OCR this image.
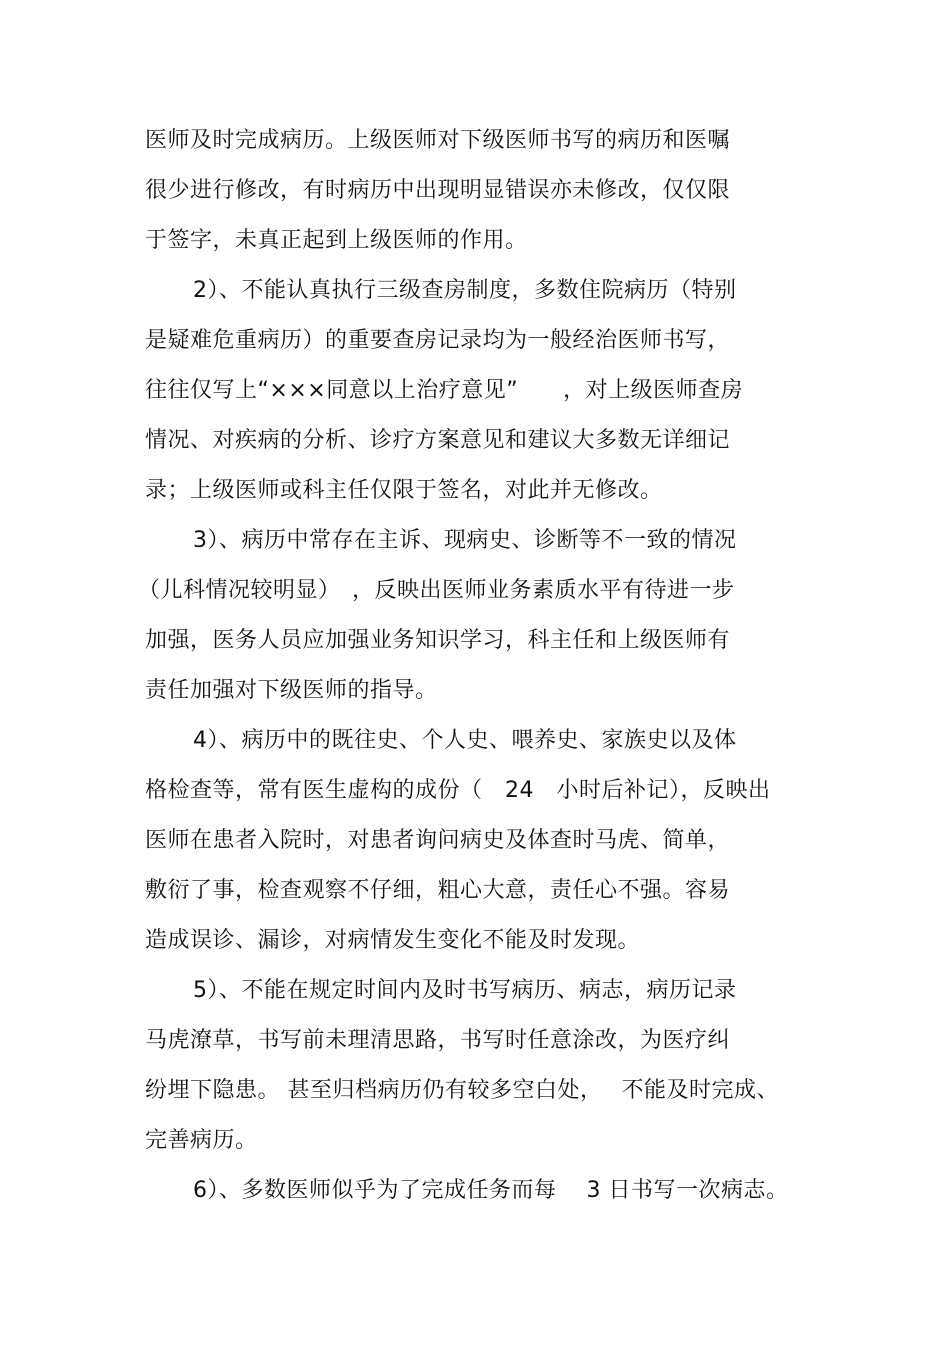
医师及时完成病历。上级医师对下级医师书写的病历和医嘱
很少进行修改，有时病历中出现明显错误亦未修改，仅仅限
于签字，未真正起到上级医师的作用。
2）、不能认真执行三级查房制度，多数住院病历（特别
是疑难危重病历）的重要查房记录均为一般经治医师书写，
往往仅写上“×××同意以上治疗意见”　　，对上级医师查房
情况、对疾病的分析、诊疗方案意见和建议大多数无详细记
录；上级医师或科主任仅限于签名，对此并无修改。
3）、病历中常存在主诉、现病史、诊断等不一致的情况
（儿科情况较明显）　，反映出医师业务素质水平有待进一步
加强，医务人员应加强业务知识学习，科主任和上级医师有
责任加强对下级医师的指导。
4）、病历中的既往史、个人史、喂养史、家族史以及体
格检查等，常有医生虚构的成份（　24　小时后补记），反映出
医师在患者入院时，对患者询问病史及体查时马虎、简单，
敷衍了事，检查观察不仔细，粗心大意，责任心不强。容易
造成误诊、漏诊，对病情发生变化不能及时发现。
5）、不能在规定时间内及时书写病历、病志，病历记录
马虎潦草，书写前未理清思路，书写时任意涂改，为医疗纠
纷埋下隐患。 甚至归档病历仍有较多空白处，　 不能及时完成、
完善病历。
6）、多数医师似乎为了完成任务而每　 3 日书写一次病志。
